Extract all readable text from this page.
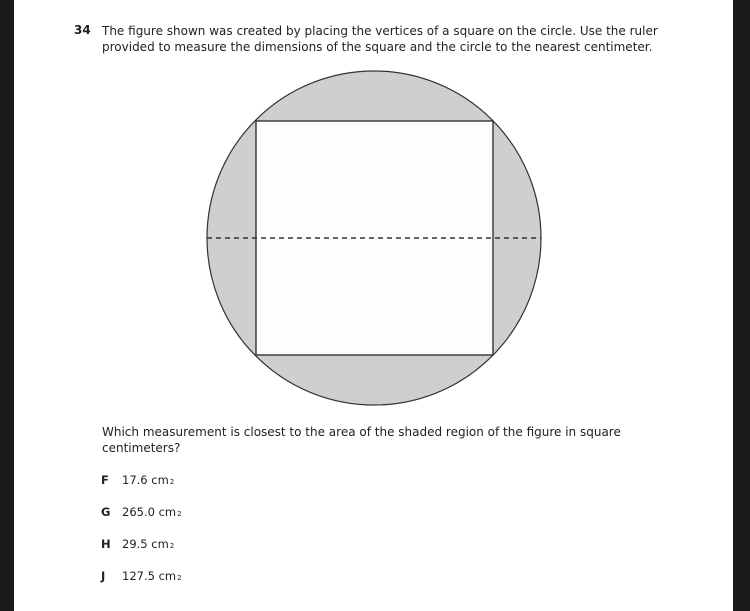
34 The figure shown was created by placing the vertices of a square on the circle. Use the ruler provided to measure the dimensions of the square and the circle to the nearest centimeter.
Which measurement is closest to the area of the shaded region of the figure in square centimeters?
F	17.6 cm 2
G	265.0 cm 2
H 29.5 cm 2
J	127.5 cm 2
